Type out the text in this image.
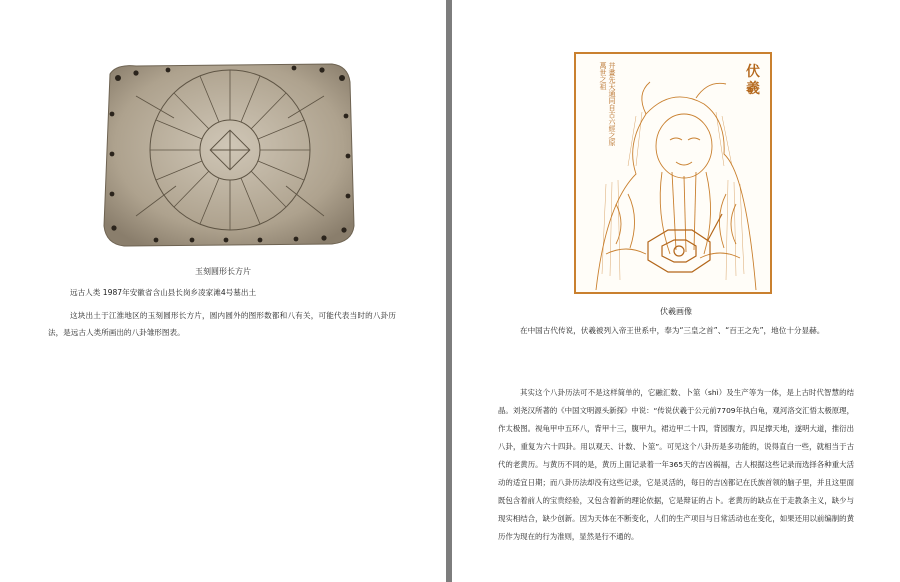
玉刻圆形长方片
远古人类 1987年安徽省含山县长岗乡凌家滩4号墓出土
这块出土于江淮地区的玉刻圆形长方片，圆内圆外的图形数都和八有关，可能代表当时的八卦历法，是远古人类所画出的八卦雏形图表。
伏羲
井畫先天通同自古六經之原萬世之祖
伏羲画像
在中国古代传说，伏羲被列入帝王世系中，奉为“三皇之首”、“百王之先”，地位十分显赫。
其实这个八卦历法可不是这样简单的，它融汇数、卜筮（shì）及生产等为一体，是上古时代智慧的结晶。刘尧汉所著的《中国文明源头新探》中说：“传说伏羲于公元前7709年执白龟，观河洛交汇悟太极原理，作太极图。视龟甲中五环八，背甲十三，腹甲九，裙边甲二十四，背园腹方，四足撑天地，遂明大道，推衍出八卦，重复为六十四卦。用以观天、计数、卜筮”。可见这个八卦历是多功能的，说得直白一些，就相当于古代的老黄历。与黄历不同的是，黄历上面记录着一年365天的吉凶祸福，古人根据这些记录而选择各种重大活动的适宜日期；而八卦历法却没有这些记录，它是灵活的，每日的吉凶都记在氏族首领的脑子里，并且这里面既包含着前人的宝贵经验，又包含着新的理论依据，它是辩证的占卜。老黄历的缺点在于走教条主义，缺少与现实相结合，缺少创新。因为天体在不断变化，人们的生产项目与日常活动也在变化，如果还用以前编制的黄历作为现在的行为准则，显然是行不通的。
